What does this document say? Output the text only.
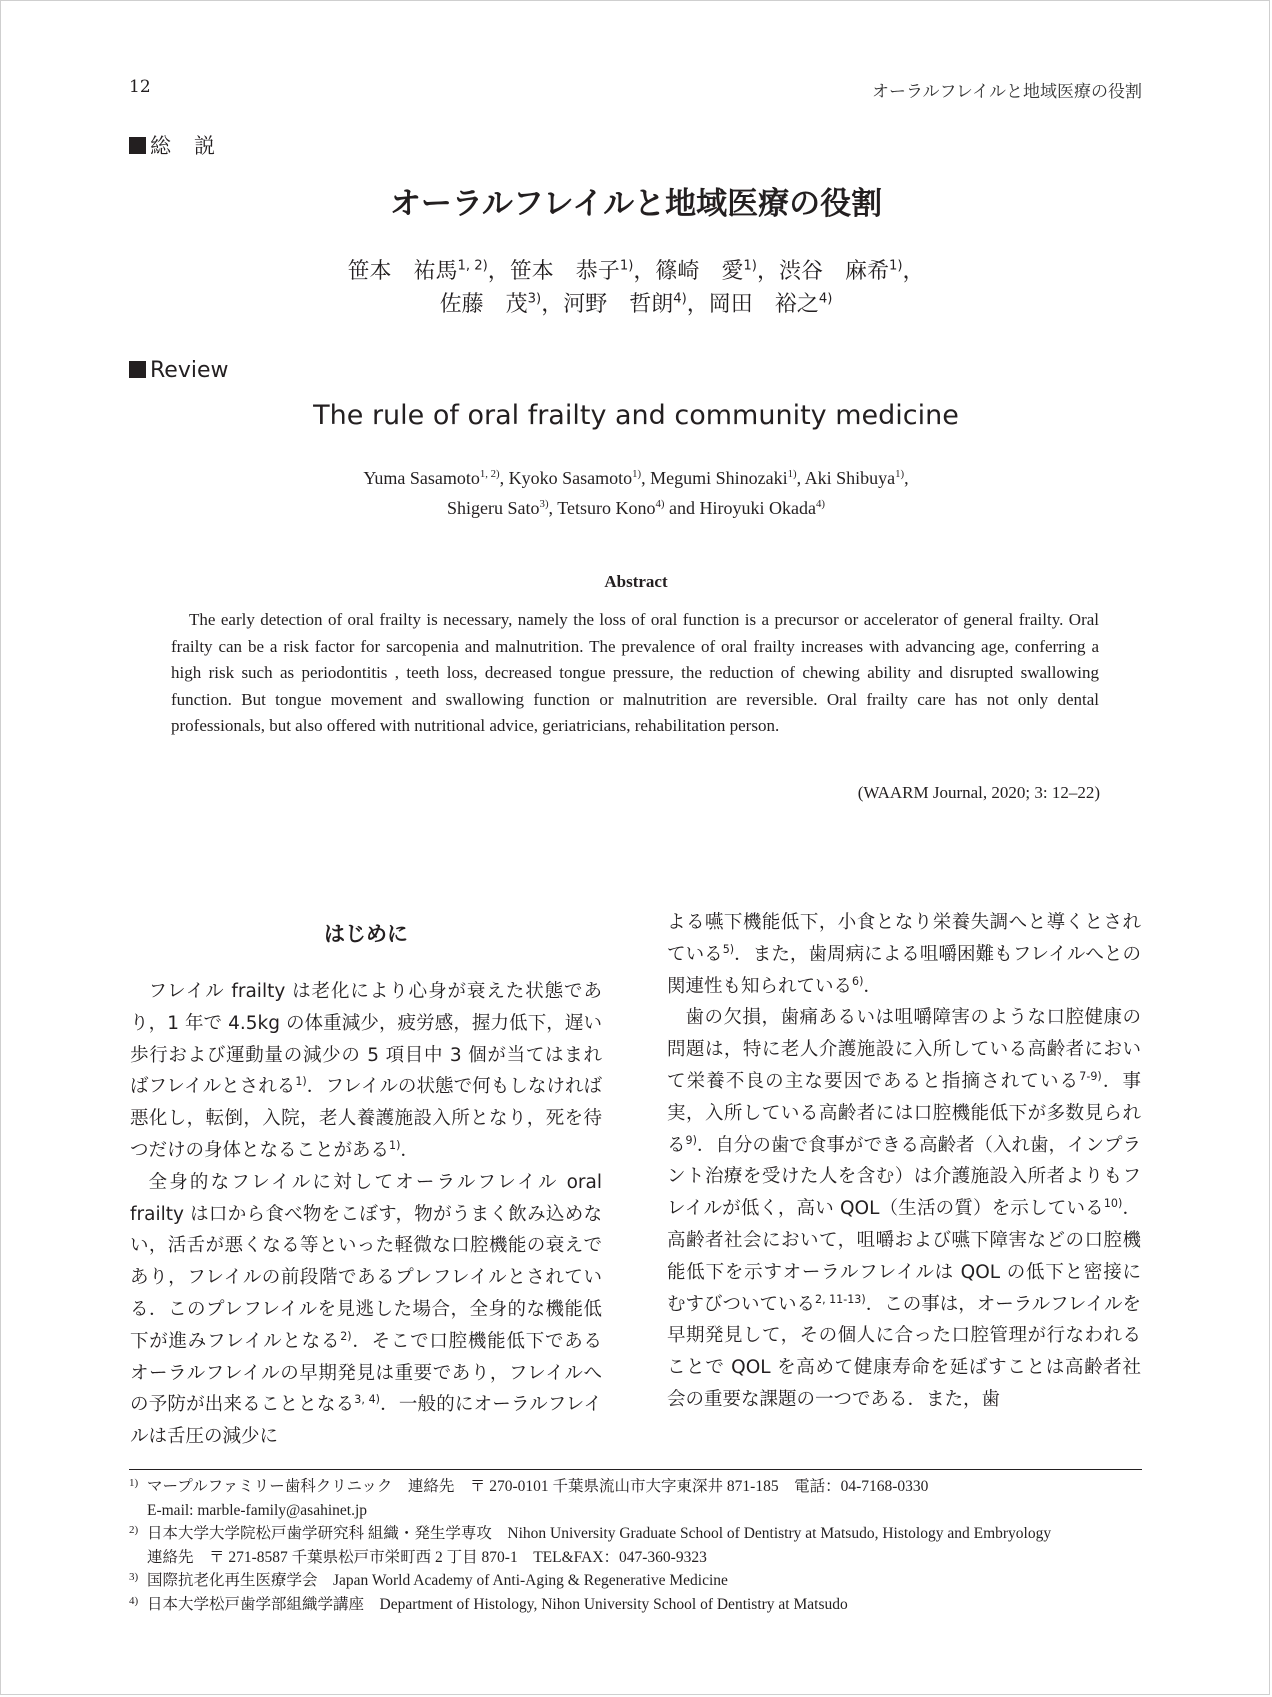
12	オーラルフレイルと地域医療の役割
総　説
オーラルフレイルと地域医療の役割
笹本　祐馬$^{1, 2)}$，笹本　恭子$^{1)}$，篠崎　愛$^{1)}$，渋谷　麻希$^{1)}$，
佐藤　茂$^{3)}$，河野　哲朗$^{4)}$，岡田　裕之$^{4)}$
Review
The rule of oral frailty and community medicine
Yuma Sasamoto$^{1, 2)}$, Kyoko Sasamoto$^{1)}$, Megumi Shinozaki$^{1)}$, Aki Shibuya$^{1)}$,
Shigeru Sato$^{3)}$, Tetsuro Kono$^{4)}$ and Hiroyuki Okada$^{4)}$
Abstract
The early detection of oral frailty is necessary, namely the loss of oral function is a precursor or accelerator of general frailty. Oral frailty can be a risk factor for sarcopenia and malnutrition. The prevalence of oral frailty increases with advancing age, conferring a high risk such as periodontitis , teeth loss, decreased tongue pressure, the reduction of chewing ability and disrupted swallowing function. But tongue movement and swallowing function or malnutrition are reversible. Oral frailty care has not only dental professionals, but also offered with nutritional advice, geriatricians, rehabilitation person.
(WAARM Journal, 2020; 3: 12–22)
はじめに

フレイル frailty は老化により心身が衰えた状態であり，1 年で 4.5kg の体重減少，疲労感，握力低下，遅い歩行および運動量の減少の 5 項目中 3 個が当てはまればフレイルとされる$^{1)}$．フレイルの状態で何もしなければ悪化し，転倒，入院，老人養護施設入所となり，死を待つだけの身体となることがある$^{1)}$．

全身的なフレイルに対してオーラルフレイル oral frailty は口から食べ物をこぼす，物がうまく飲み込めない，活舌が悪くなる等といった軽微な口腔機能の衰えであり，フレイルの前段階であるプレフレイルとされている．このプレフレイルを見逃した場合，全身的な機能低下が進みフレイルとなる$^{2)}$．そこで口腔機能低下であるオーラルフレイルの早期発見は重要であり，フレイルへの予防が出来ることとなる$^{3, 4)}$．一般的にオーラルフレイルは舌圧の減少に

よる嚥下機能低下，小食となり栄養失調へと導くとされている$^{5)}$．また，歯周病による咀嚼困難もフレイルへとの関連性も知られている$^{6)}$．

歯の欠損，歯痛あるいは咀嚼障害のような口腔健康の問題は，特に老人介護施設に入所している高齢者において栄養不良の主な要因であると指摘されている$^{7-9)}$．事実，入所している高齢者には口腔機能低下が多数見られる$^{9)}$．自分の歯で食事ができる高齢者（入れ歯，インプラント治療を受けた人を含む）は介護施設入所者よりもフレイルが低く，高い QOL（生活の質）を示している$^{10)}$．高齢者社会において，咀嚼および嚥下障害などの口腔機能低下を示すオーラルフレイルは QOL の低下と密接にむすびついている$^{2, 11-13)}$．この事は，オーラルフレイルを早期発見して，その個人に合った口腔管理が行なわれることで QOL を高めて健康寿命を延ばすことは高齢者社会の重要な課題の一つである．また，歯

1) マープルファミリー歯科クリニック　連絡先　〒 270-0101 千葉県流山市大字東深井 871-185　電話：04-7168-0330
E-mail: marble-family@asahinet.jp
2) 日本大学大学院松戸歯学研究科 組織・発生学専攻　Nihon University Graduate School of Dentistry at Matsudo, Histology and Embryology
連絡先　〒 271-8587 千葉県松戸市栄町西 2 丁目 870-1　TEL&FAX：047-360-9323
3) 国際抗老化再生医療学会　Japan World Academy of Anti-Aging & Regenerative Medicine
4) 日本大学松戸歯学部組織学講座　Department of Histology, Nihon University School of Dentistry at Matsudo
